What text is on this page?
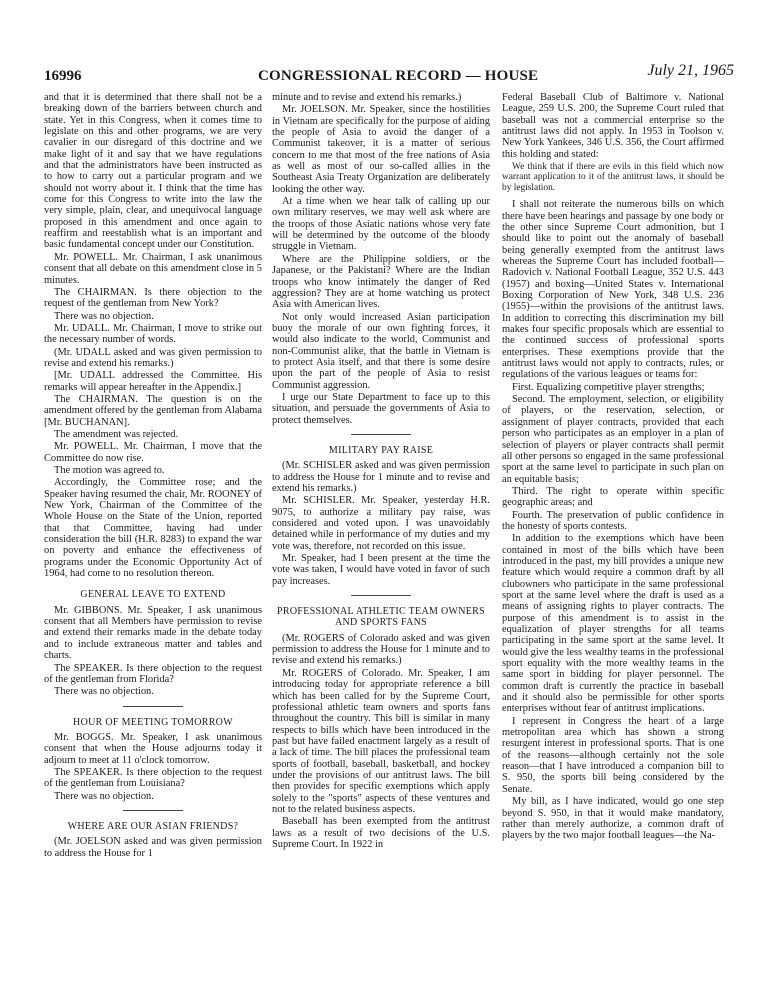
16996	CONGRESSIONAL RECORD — HOUSE	July 21, 1965

and that it is determined that there shall not be a breaking down of the barriers between church and state. Yet in this Congress, when it comes time to legislate on this and other programs, we are very cavalier in our disregard of this doctrine and we make light of it and say that we have regulations and that the administrators have been instructed as to how to carry out a particular program and we should not worry about it. I think that the time has come for this Congress to write into the law the very simple, plain, clear, and unequivocal language proposed in this amendment and once again to reaffirm and reestablish what is an important and basic fundamental concept under our Constitution.

Mr. POWELL. Mr. Chairman, I ask unanimous consent that all debate on this amendment close in 5 minutes.

The CHAIRMAN. Is there objection to the request of the gentleman from New York?

There was no objection.

Mr. UDALL. Mr. Chairman, I move to strike out the necessary number of words.

(Mr. UDALL asked and was given permission to revise and extend his remarks.)

[Mr. UDALL addressed the Committee. His remarks will appear hereafter in the Appendix.]

The CHAIRMAN. The question is on the amendment offered by the gentleman from Alabama [Mr. BUCHANAN].

The amendment was rejected.

Mr. POWELL. Mr. Chairman, I move that the Committee do now rise.

The motion was agreed to.

Accordingly, the Committee rose; and the Speaker having resumed the chair, Mr. ROONEY of New York, Chairman of the Committee of the Whole House on the State of the Union, reported that that Committee, having had under consideration the bill (H.R. 8283) to expand the war on poverty and enhance the effectiveness of programs under the Economic Opportunity Act of 1964, had come to no resolution thereon.

GENERAL LEAVE TO EXTEND

Mr. GIBBONS. Mr. Speaker, I ask unanimous consent that all Members have permission to revise and extend their remarks made in the debate today and to include extraneous matter and tables and charts.

The SPEAKER. Is there objection to the request of the gentleman from Florida?

There was no objection.

HOUR OF MEETING TOMORROW

Mr. BOGGS. Mr. Speaker, I ask unanimous consent that when the House adjourns today it adjourn to meet at 11 o'clock tomorrow.

The SPEAKER. Is there objection to the request of the gentleman from Louisiana?

There was no objection.

WHERE ARE OUR ASIAN FRIENDS?

(Mr. JOELSON asked and was given permission to address the House for 1

minute and to revise and extend his remarks.)

Mr. JOELSON. Mr. Speaker, since the hostilities in Vietnam are specifically for the purpose of aiding the people of Asia to avoid the danger of a Communist takeover, it is a matter of serious concern to me that most of the free nations of Asia as well as most of our so-called allies in the Southeast Asia Treaty Organization are deliberately looking the other way.

At a time when we hear talk of calling up our own military reserves, we may well ask where are the troops of those Asiatic nations whose very fate will be determined by the outcome of the bloody struggle in Vietnam.

Where are the Philippine soldiers, or the Japanese, or the Pakistani? Where are the Indian troops who know intimately the danger of Red aggression? They are at home watching us protect Asia with American lives.

Not only would increased Asian participation buoy the morale of our own fighting forces, it would also indicate to the world, Communist and non-Communist alike, that the battle in Vietnam is to protect Asia itself, and that there is some desire upon the part of the people of Asia to resist Communist aggression.

I urge our State Department to face up to this situation, and persuade the governments of Asia to protect themselves.

MILITARY PAY RAISE

(Mr. SCHISLER asked and was given permission to address the House for 1 minute and to revise and extend his remarks.)

Mr. SCHISLER. Mr. Speaker, yesterday H.R. 9075, to authorize a military pay raise, was considered and voted upon. I was unavoidably detained while in performance of my duties and my vote was, therefore, not recorded on this issue.

Mr. Speaker, had I been present at the time the vote was taken, I would have voted in favor of such pay increases.

PROFESSIONAL ATHLETIC TEAM OWNERS AND SPORTS FANS

(Mr. ROGERS of Colorado asked and was given permission to address the House for 1 minute and to revise and extend his remarks.)

Mr. ROGERS of Colorado. Mr. Speaker, I am introducing today for appropriate reference a bill which has been called for by the Supreme Court, professional athletic team owners and sports fans throughout the country. This bill is similar in many respects to bills which have been introduced in the past but have failed enactment largely as a result of a lack of time. The bill places the professional team sports of football, baseball, basketball, and hockey under the provisions of our antitrust laws. The bill then provides for specific exemptions which apply solely to the "sports" aspects of these ventures and not to the related business aspects.

Baseball has been exempted from the antitrust laws as a result of two decisions of the U.S. Supreme Court. In 1922 in

Federal Baseball Club of Baltimore v. National League, 259 U.S. 200, the Supreme Court ruled that baseball was not a commercial enterprise so the antitrust laws did not apply. In 1953 in Toolson v. New York Yankees, 346 U.S. 356, the Court affirmed this holding and stated:

We think that if there are evils in this field which now warrant application to it of the antitrust laws, it should be by legislation.

I shall not reiterate the numerous bills on which there have been hearings and passage by one body or the other since Supreme Court admonition, but I should like to point out the anomaly of baseball being generally exempted from the antitrust laws whereas the Supreme Court has included football—Radovich v. National Football League, 352 U.S. 443 (1957) and boxing—United States v. International Boxing Corporation of New York, 348 U.S. 236 (1955)—within the provisions of the antitrust laws. In addition to correcting this discrimination my bill makes four specific proposals which are essential to the continued success of professional sports enterprises. These exemptions provide that the antitrust laws would not apply to contracts, rules, or regulations of the various leagues or teams for:

First. Equalizing competitive player strengths;

Second. The employment, selection, or eligibility of players, or the reservation, selection, or assignment of player contracts, provided that each person who participates as an employer in a plan of selection of players or player contracts shall permit all other persons so engaged in the same professional sport at the same level to participate in such plan on an equitable basis;

Third. The right to operate within specific geographic areas; and

Fourth. The preservation of public confidence in the honesty of sports contests.

In addition to the exemptions which have been contained in most of the bills which have been introduced in the past, my bill provides a unique new feature which would require a common draft by all clubowners who participate in the same professional sport at the same level where the draft is used as a means of assigning rights to player contracts. The purpose of this amendment is to assist in the equalization of player strengths for all teams participating in the same sport at the same level. It would give the less wealthy teams in the professional sport equality with the more wealthy teams in the same sport in bidding for player personnel. The common draft is currently the practice in baseball and it should also be permissible for other sports enterprises without fear of antitrust implications.

I represent in Congress the heart of a large metropolitan area which has shown a strong resurgent interest in professional sports. That is one of the reasons—although certainly not the sole reason—that I have introduced a companion bill to S. 950, the sports bill being considered by the Senate.

My bill, as I have indicated, would go one step beyond S. 950, in that it would make mandatory, rather than merely authorize, a common draft of players by the two major football leagues—the Na-
